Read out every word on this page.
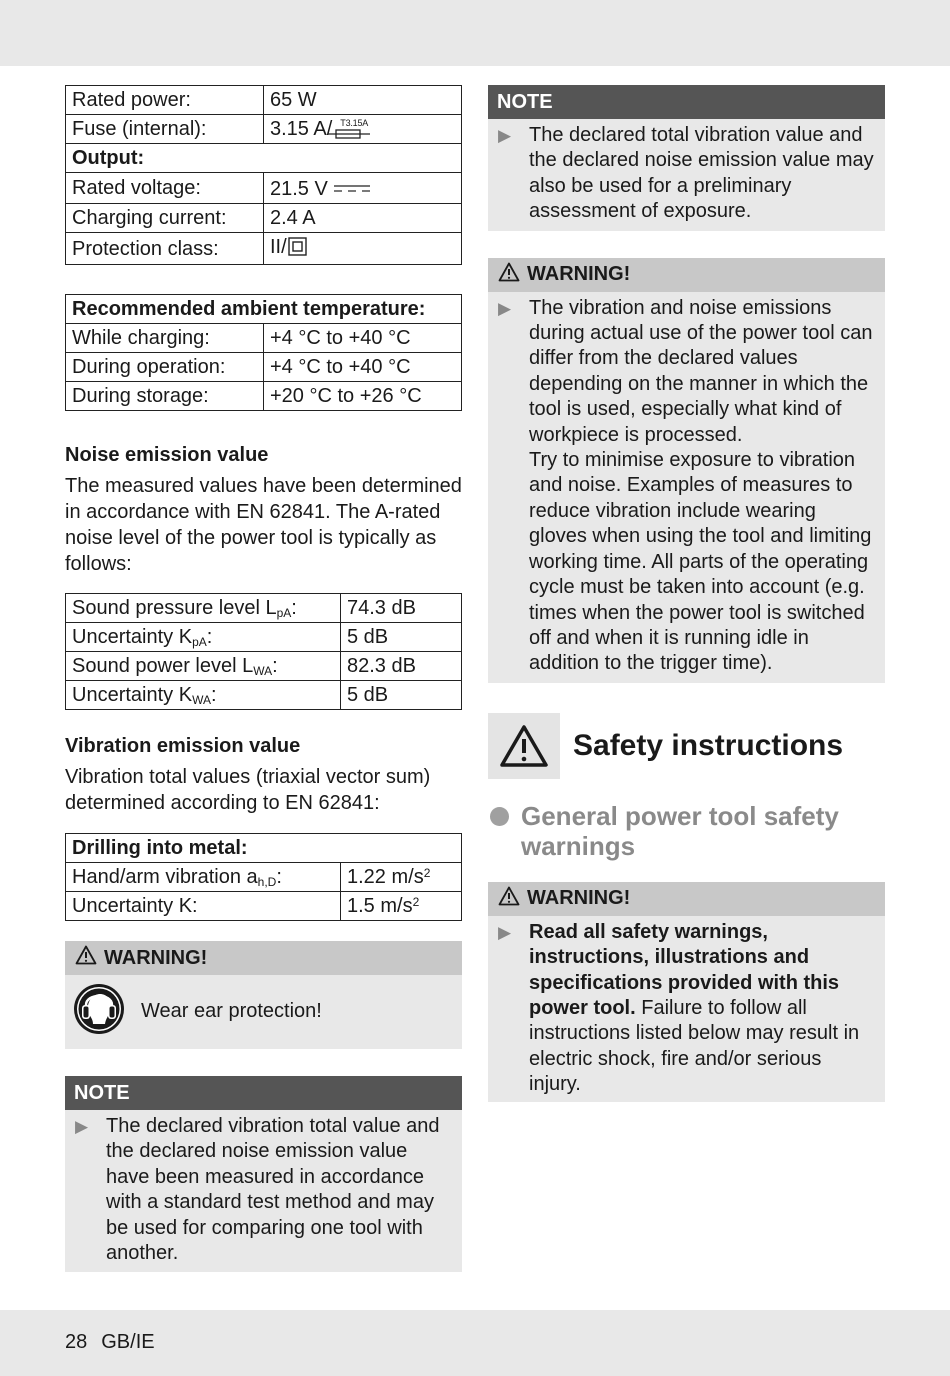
Rated power:	65 W
Fuse (internal):	3.15 A/ T3.15A

Output:	
Rated voltage:	21.5 V
Charging current:	2.4 A
Protection class:	II/
Recommended ambient temperature:	
While charging:	+4 °C to +40 °C
During operation:	+4 °C to +40 °C
During storage:	+20 °C to +26 °C
Noise emission value

The measured values have been determined in accordance with EN 62841. The A-rated noise level of the power tool is typically as follows:

Sound pressure level $L_{pA}$:	74.3 dB
Uncertainty $K_{pA}$:	5 dB
Sound power level $L_{WA}$:	82.3 dB
Uncertainty $K_{WA}$:	5 dB
Vibration emission value

Vibration total values (triaxial vector sum) determined according to EN 62841:

Drilling into metal:	
Hand/arm vibration $a_{h,D}$:	1.22 $m/s^2$
Uncertainty K:	1.5 $m/s^2$
WARNING!
Wear ear protection!
NOTE
▶ The declared vibration total value and the declared noise emission value have been measured in accordance with a standard test method and may be used for comparing one tool with another.
NOTE
▶ The declared total vibration value and the declared noise emission value may also be used for a preliminary assessment of exposure.
WARNING!
▶ The vibration and noise emissions during actual use of the power tool can differ from the declared values depending on the manner in which the tool is used, especially what kind of workpiece is processed.
Try to minimise exposure to vibration and noise. Examples of measures to reduce vibration include wearing gloves when using the tool and limiting working time. All parts of the operating cycle must be taken into account (e.g. times when the power tool is switched off and when it is running idle in addition to the trigger time).
Safety instructions
General power tool safety warnings
WARNING!
▶ Read all safety warnings, instructions, illustrations and specifications provided with this power tool. Failure to follow all instructions listed below may result in electric shock, fire and/or serious injury.
28 GB/IE
